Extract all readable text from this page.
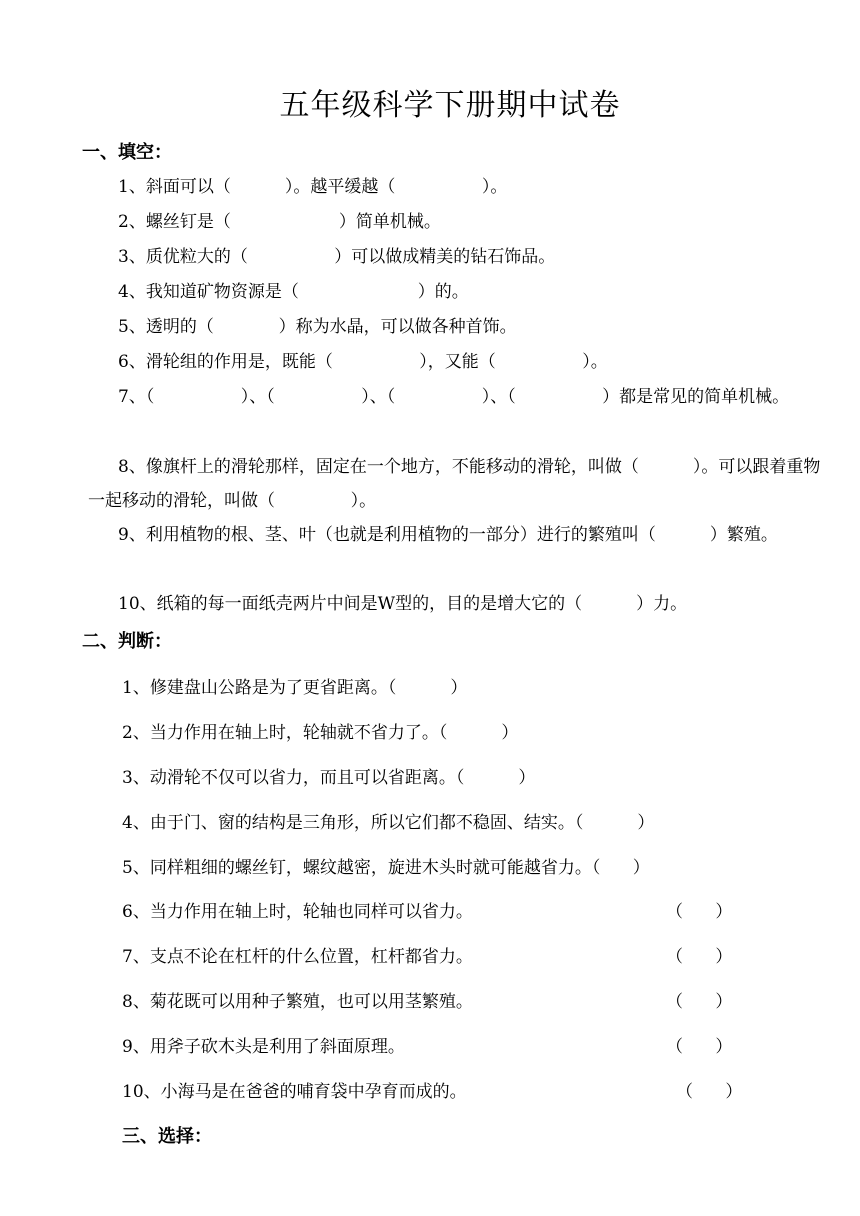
五年级科学下册期中试卷
一、填空：
1、斜面可以（          ）。越平缓越（                ）。
2、螺丝钉是（                    ）简单机械。
3、质优粒大的（                ）可以做成精美的钻石饰品。
4、我知道矿物资源是（                      ）的。
5、透明的（            ）称为水晶，可以做各种首饰。
6、滑轮组的作用是，既能（                ），又能（                ）。
7、（                ）、（                ）、（                ）、（                ）都是常见的简单机械。
8、像旗杆上的滑轮那样，固定在一个地方，不能移动的滑轮，叫做（          ）。可以跟着重物一起移动的滑轮，叫做（              ）。
9、利用植物的根、茎、叶（也就是利用植物的一部分）进行的繁殖叫（          ）繁殖。
10、纸箱的每一面纸壳两片中间是W型的，目的是增大它的（          ）力。
二、判断：
1、修建盘山公路是为了更省距离。（          ）
2、当力作用在轴上时，轮轴就不省力了。（          ）
3、动滑轮不仅可以省力，而且可以省距离。（          ）
4、由于门、窗的结构是三角形，所以它们都不稳固、结实。（          ）
5、同样粗细的螺丝钉，螺纹越密，旋进木头时就可能越省力。（      ）
6、当力作用在轴上时，轮轴也同样可以省力。	（      ）
7、支点不论在杠杆的什么位置，杠杆都省力。	（      ）
8、菊花既可以用种子繁殖，也可以用茎繁殖。	（      ）
9、用斧子砍木头是利用了斜面原理。	（      ）
10、小海马是在爸爸的哺育袋中孕育而成的。	（      ）
三、选择：
